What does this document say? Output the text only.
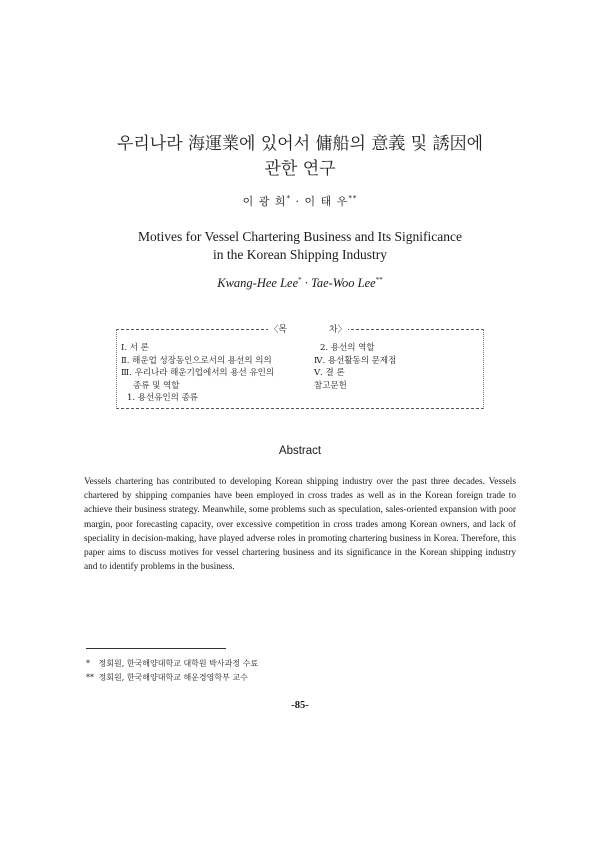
우리나라 海運業에 있어서 傭船의 意義 및 誘因에
관한 연구
이 광 희* · 이 태 우**
Motives for Vessel Chartering Business and Its Significance
in the Korean Shipping Industry
Kwang-Hee Lee* · Tae-Woo Lee**
〈목	차〉
Ⅰ. 서 론
Ⅱ. 해운업 성장동인으로서의 용선의 의의
Ⅲ. 우리나라 해운기업에서의 용선 유인의
종류 및 역할
1. 용선유인의 종류
2. 용선의 역할
Ⅳ. 용선활동의 문제점
Ⅴ. 결 론
참고문헌
Abstract
Vessels chartering has contributed to developing Korean shipping industry over the past three decades. Vessels chartered by shipping companies have been employed in cross trades as well as in the Korean foreign trade to achieve their business strategy. Meanwhile, some problems such as speculation, sales-oriented expansion with poor margin, poor forecasting capacity, over excessive competition in cross trades among Korean owners, and lack of speciality in decision-making, have played adverse roles in promoting chartering business in Korea. Therefore, this paper aims to discuss motives for vessel chartering business and its significance in the Korean shipping industry and to identify problems in the business.
* 정회원, 한국해양대학교 대학원 박사과정 수료
** 정회원, 한국해양대학교 해운경영학부 교수
-85-
